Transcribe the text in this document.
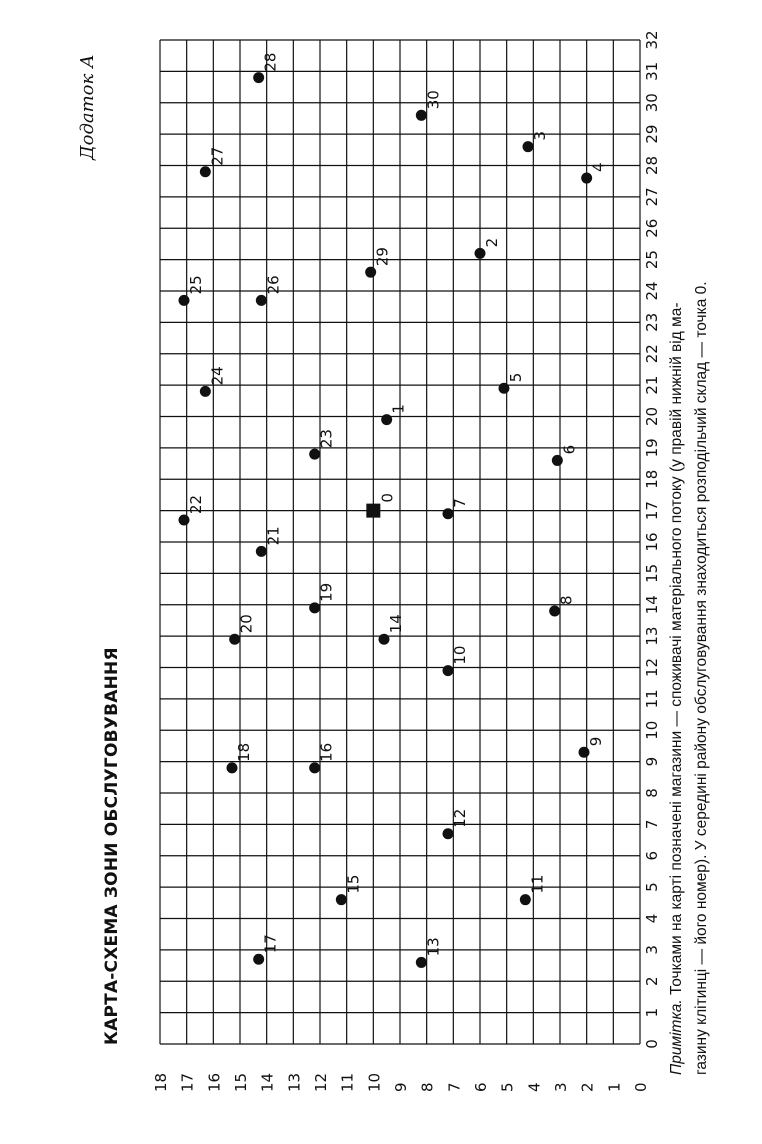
Додаток А
КАРТА-СХЕМА ЗОНИ ОБСЛУГОВУВАННЯ	0
1
2
3
4
5
6
7
8
9
10
11
12
13
14
15
16
17
18
19
20
21
22
23
24
25
26
27
28
29
30
31
32
0
1
2
3
4
5
6
7
8
9
10
11
12
13
14
15
16
17
18
1
2
3
4
5
6
7
8
9
10
11
12
13
14
15
16
17
18
19
20
21
22
23
24
25	26
27
28
29
30
0
Примітка. Точками на карті позначені магазини — споживачі матеріального потоку (у правій нижній від ма- газину клітинці — його номер). У середині району обслуговування знаходиться розподільчий склад — точка 0.
